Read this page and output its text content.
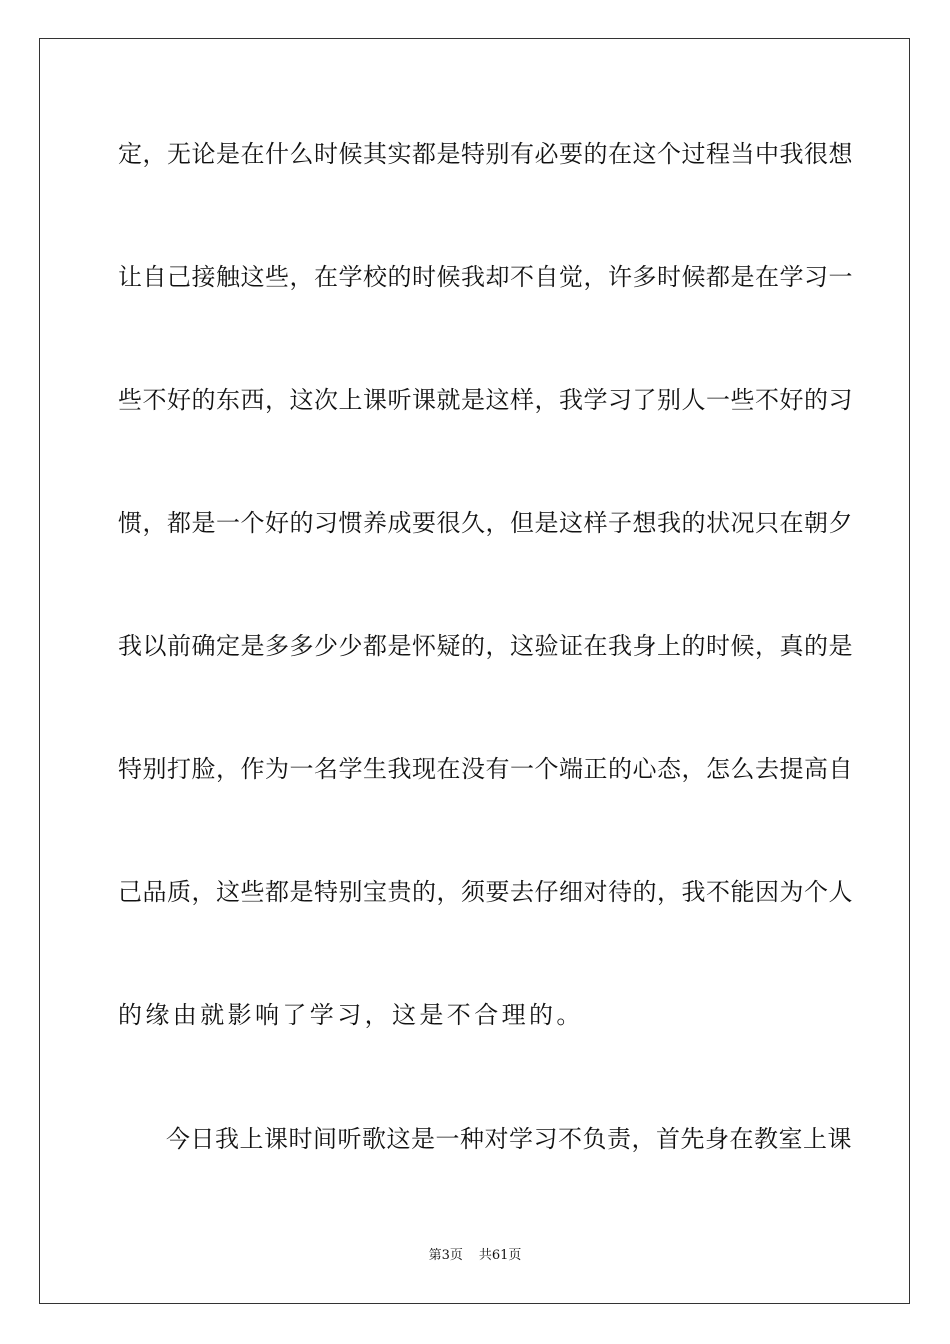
定，无论是在什么时候其实都是特别有必要的在这个过程当中我很想
让自己接触这些，在学校的时候我却不自觉，许多时候都是在学习一
些不好的东西，这次上课听课就是这样，我学习了别人一些不好的习
惯，都是一个好的习惯养成要很久，但是这样子想我的状况只在朝夕
我以前确定是多多少少都是怀疑的，这验证在我身上的时候，真的是
特别打脸，作为一名学生我现在没有一个端正的心态，怎么去提高自
己品质，这些都是特别宝贵的，须要去仔细对待的，我不能因为个人
的缘由就影响了学习，这是不合理的。
今日我上课时间听歌这是一种对学习不负责，首先身在教室上课
第3页 共61页
